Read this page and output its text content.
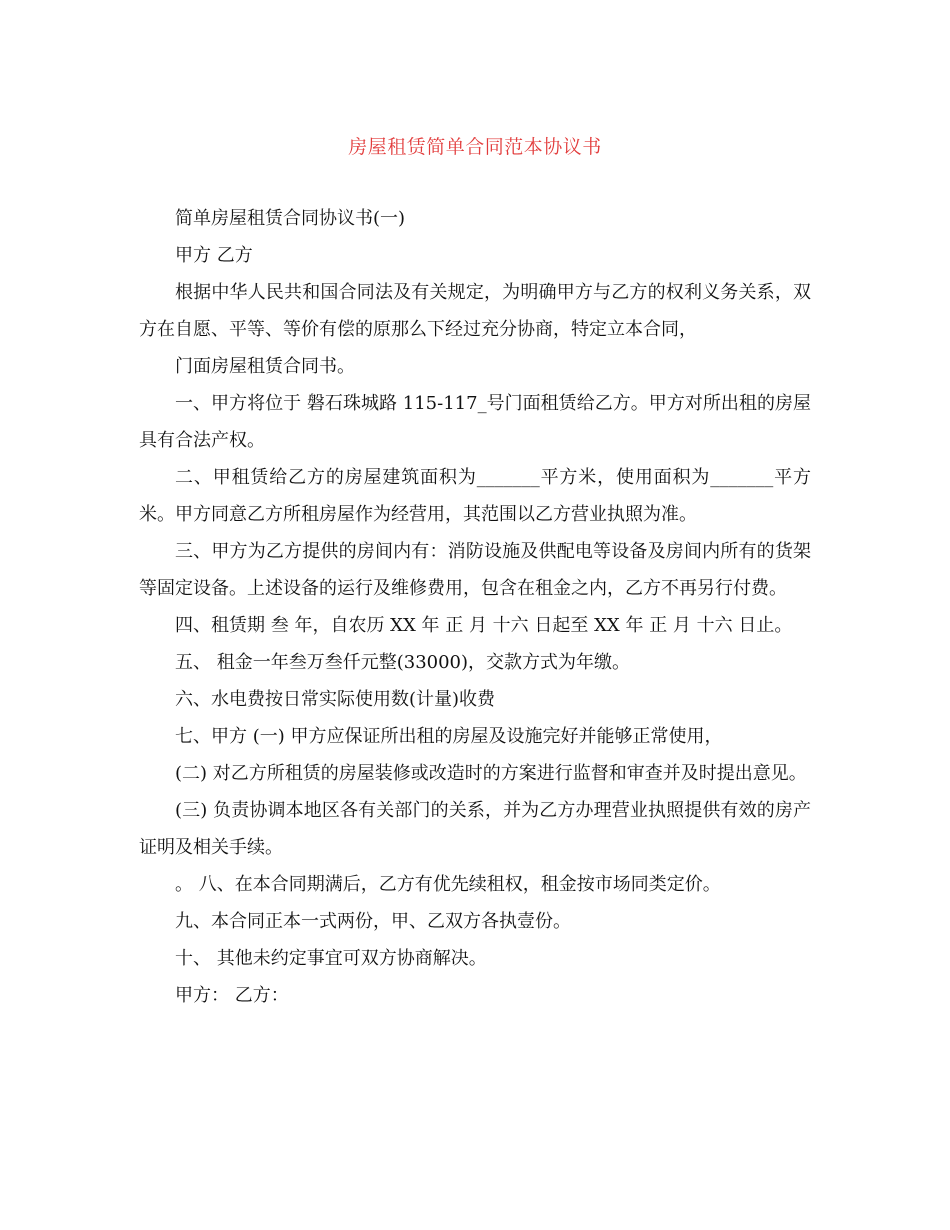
房屋租赁简单合同范本协议书

简单房屋租赁合同协议书(一)

甲方 乙方

根据中华人民共和国合同法及有关规定，为明确甲方与乙方的权利义务关系，双方在自愿、平等、等价有偿的原那么下经过充分协商，特定立本合同，

门面房屋租赁合同书。

一、甲方将位于 磐石珠城路 115-117_号门面租赁给乙方。甲方对所出租的房屋具有合法产权。

二、甲租赁给乙方的房屋建筑面积为_______平方米，使用面积为_______平方米。甲方同意乙方所租房屋作为经营用，其范围以乙方营业执照为准。

三、甲方为乙方提供的房间内有：消防设施及供配电等设备及房间内所有的货架等固定设备。上述设备的运行及维修费用，包含在租金之内，乙方不再另行付费。

四、租赁期 叁 年，自农历 XX 年 正 月 十六 日起至 XX 年 正 月 十六 日止。

五、 租金一年叁万叁仟元整(33000)，交款方式为年缴。

六、水电费按日常实际使用数(计量)收费

七、甲方 (一) 甲方应保证所出租的房屋及设施完好并能够正常使用，

(二) 对乙方所租赁的房屋装修或改造时的方案进行监督和审查并及时提出意见。

(三) 负责协调本地区各有关部门的关系，并为乙方办理营业执照提供有效的房产证明及相关手续。

。 八、在本合同期满后，乙方有优先续租权，租金按市场同类定价。

九、本合同正本一式两份，甲、乙双方各执壹份。

十、 其他未约定事宜可双方协商解决。

甲方： 乙方：
